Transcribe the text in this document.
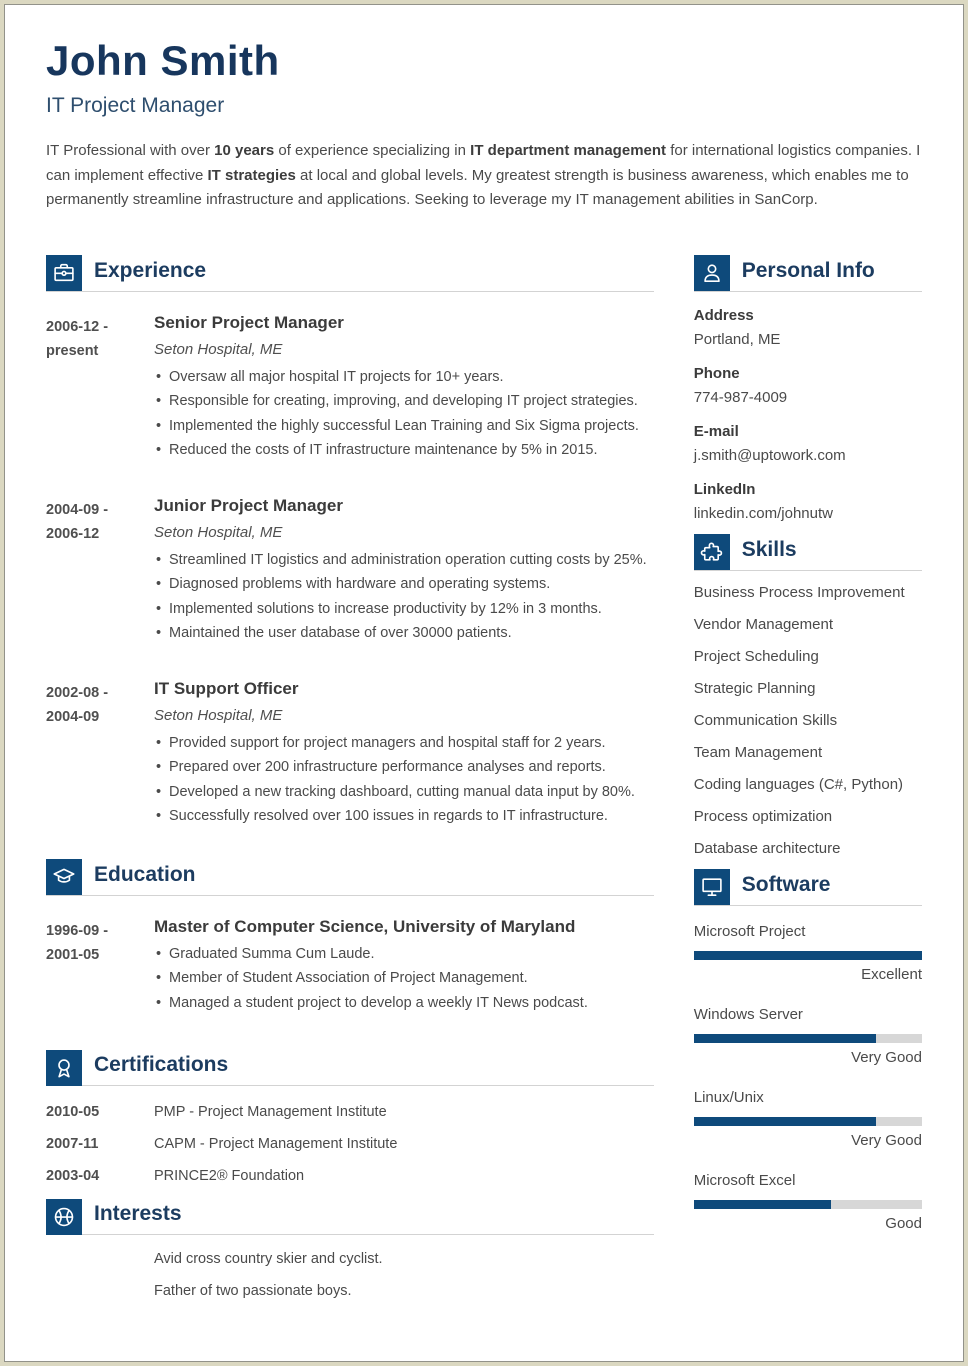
John Smith
IT Project Manager
IT Professional with over 10 years of experience specializing in IT department management for international logistics companies. I can implement effective IT strategies at local and global levels. My greatest strength is business awareness, which enables me to permanently streamline infrastructure and applications. Seeking to leverage my IT management abilities in SanCorp.
Experience
2006-12 -
present
Senior Project Manager
Seton Hospital, ME
• Oversaw all major hospital IT projects for 10+ years.
• Responsible for creating, improving, and developing IT project strategies.
• Implemented the highly successful Lean Training and Six Sigma projects.
• Reduced the costs of IT infrastructure maintenance by 5% in 2015.
2004-09 -
2006-12
Junior Project Manager
Seton Hospital, ME
• Streamlined IT logistics and administration operation cutting costs by 25%.
• Diagnosed problems with hardware and operating systems.
• Implemented solutions to increase productivity by 12% in 3 months.
• Maintained the user database of over 30000 patients.
2002-08 -
2004-09
IT Support Officer
Seton Hospital, ME
• Provided support for project managers and hospital staff for 2 years.
• Prepared over 200 infrastructure performance analyses and reports.
• Developed a new tracking dashboard, cutting manual data input by 80%.
• Successfully resolved over 100 issues in regards to IT infrastructure.
Education
1996-09 -
2001-05
Master of Computer Science, University of Maryland
• Graduated Summa Cum Laude.
• Member of Student Association of Project Management.
• Managed a student project to develop a weekly IT News podcast.
Certifications
2010-05	PMP - Project Management Institute
2007-11	CAPM - Project Management Institute
2003-04	PRINCE2® Foundation
Interests
Avid cross country skier and cyclist.
Father of two passionate boys.
Personal Info
Address
Portland, ME
Phone
774-987-4009
E-mail
j.smith@uptowork.com
LinkedIn
linkedin.com/johnutw
Skills
Business Process Improvement
Vendor Management
Project Scheduling
Strategic Planning
Communication Skills
Team Management
Coding languages (C#, Python)
Process optimization
Database architecture
Software
Microsoft Project
Excellent
Windows Server
Very Good
Linux/Unix
Very Good
Microsoft Excel
Good
